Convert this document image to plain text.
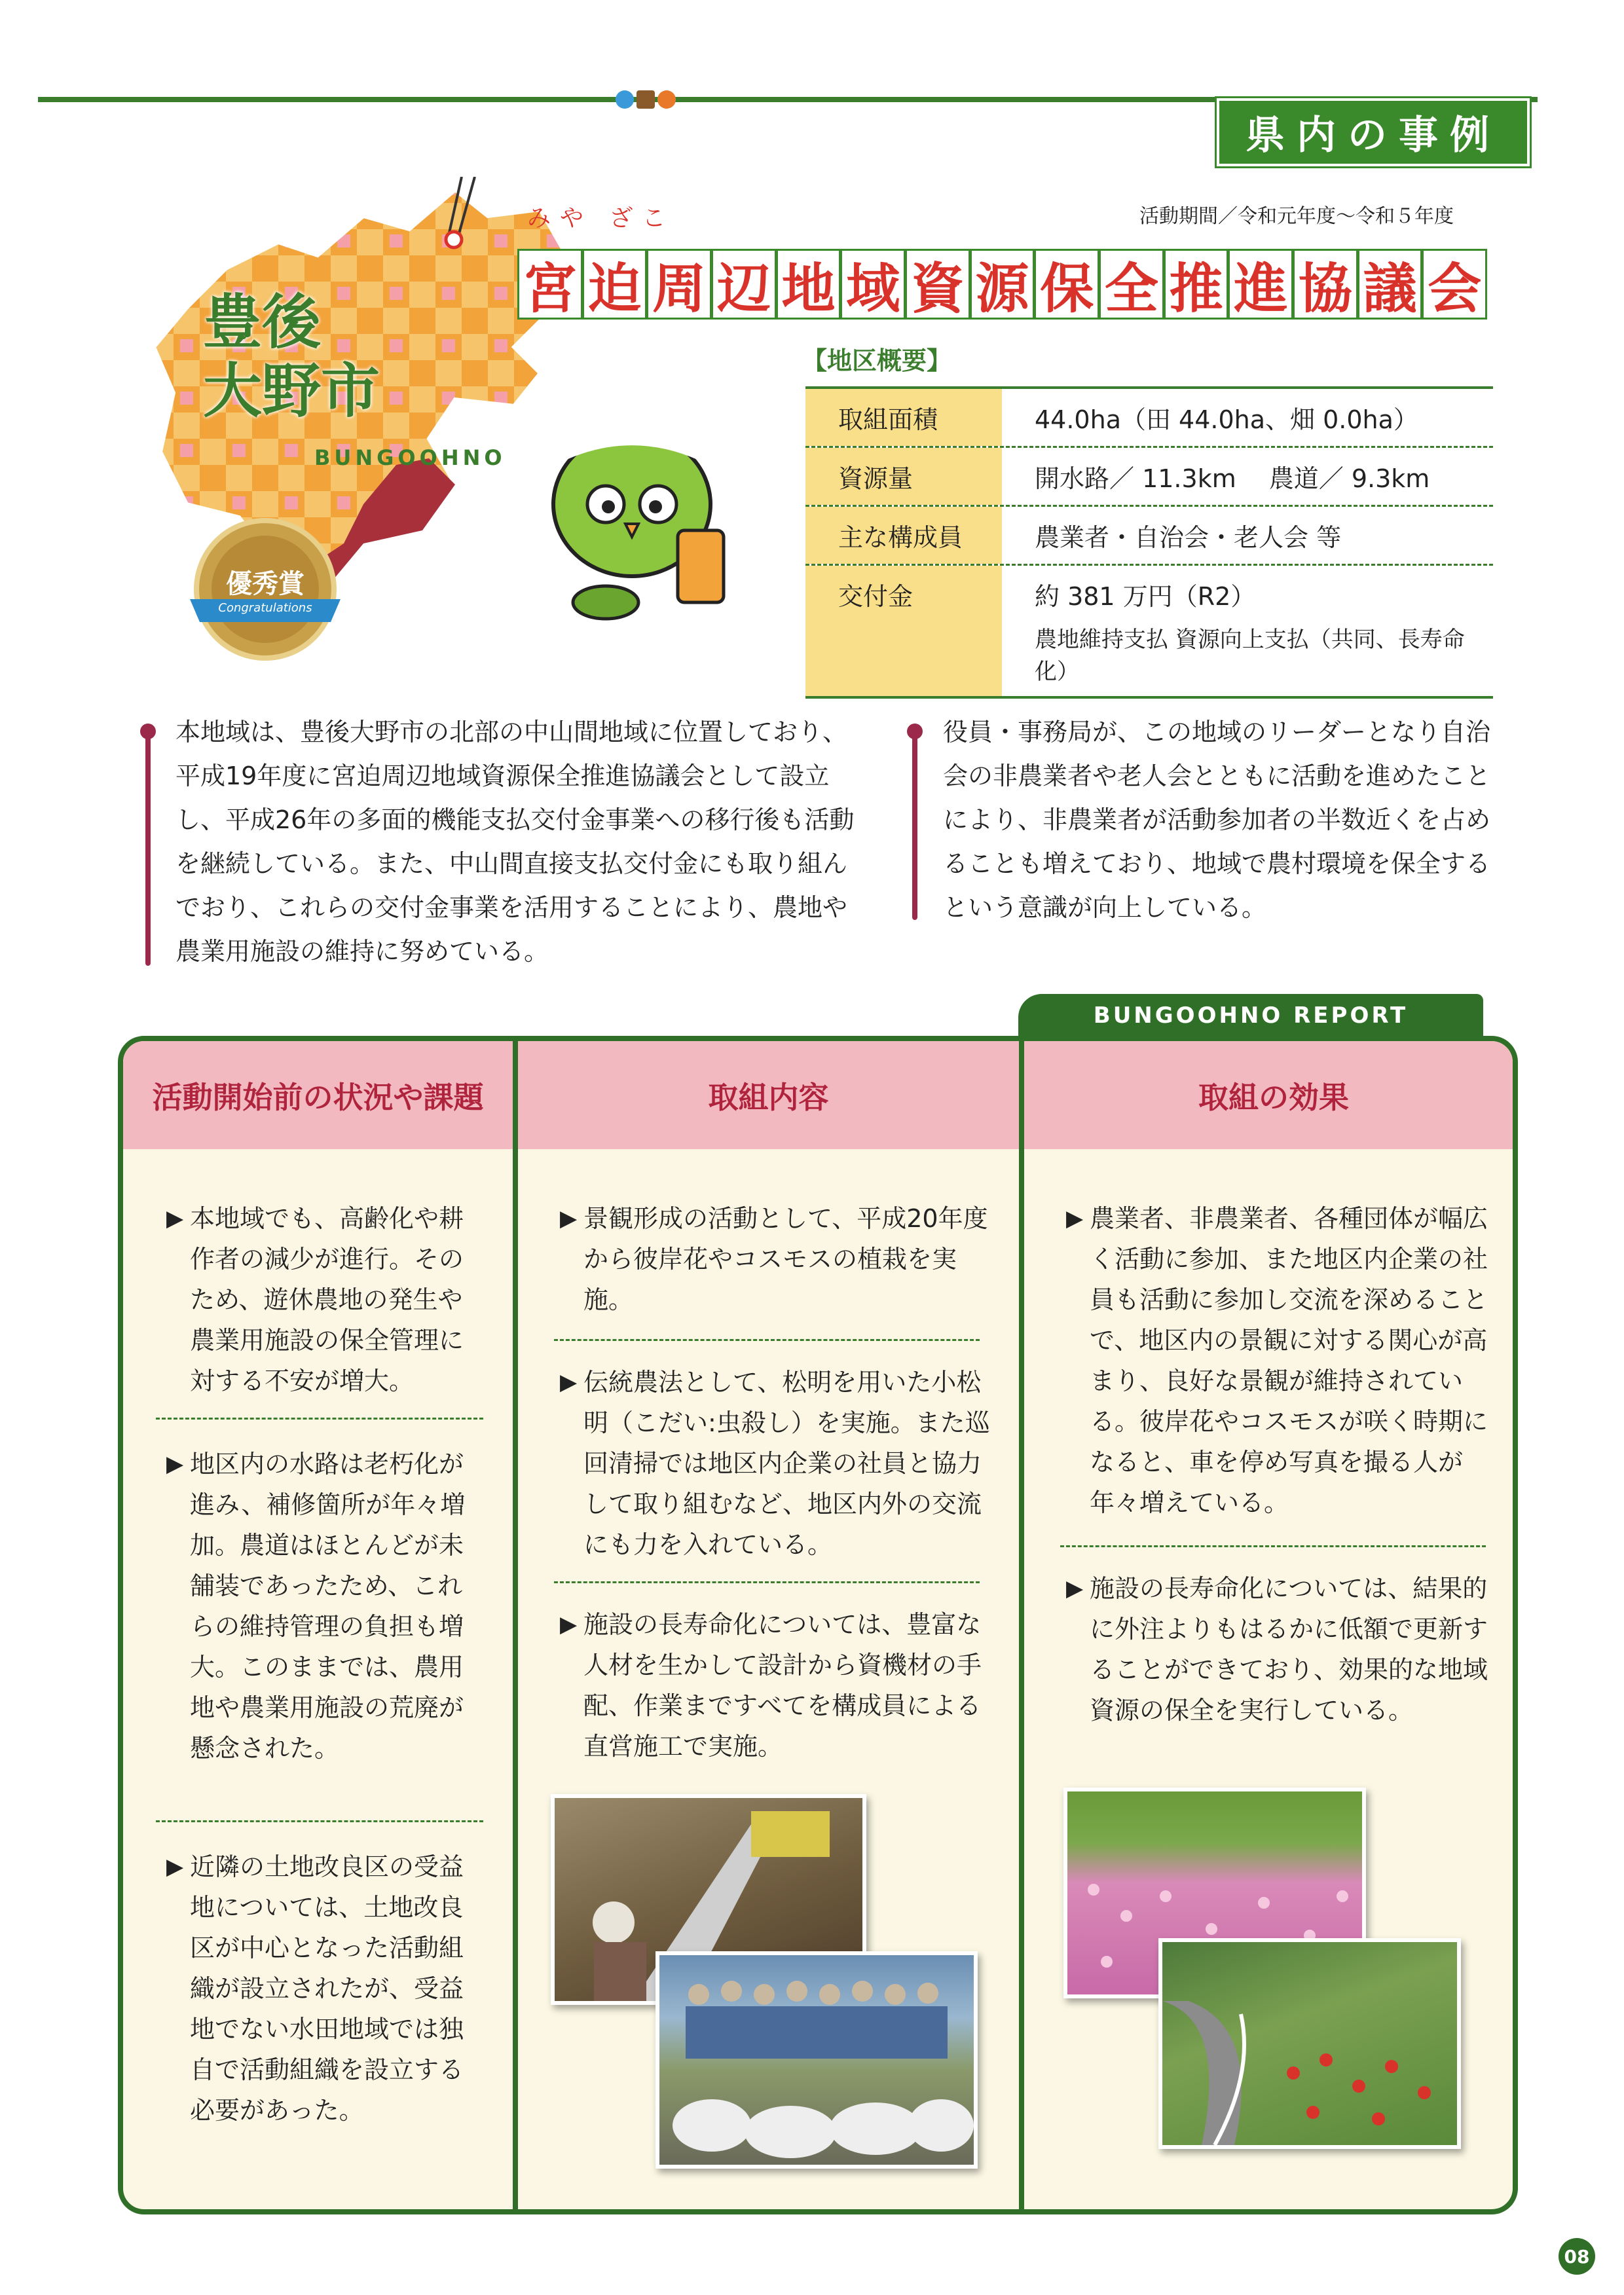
県内の事例
豊後
大野市
BUNGOOHNO
優秀賞
Congratulations
みや ざこ	活動期間／令和元年度〜令和５年度
宮 迫 周 辺 地 域 資 源 保 全 推 進 協 議 会
【地区概要】
取組面積	44.0ha（田 44.0ha、畑 0.0ha）
資源量	開水路／ 11.3km　 農道／ 9.3km
主な構成員	農業者・自治会・老人会 等
交付金	約 381 万円（R2）
農地維持支払 資源向上支払（共同、長寿命化）
本地域は、豊後大野市の北部の中山間地域に位置しており、平成19年度に宮迫周辺地域資源保全推進協議会として設立し、平成26年の多面的機能支払交付金事業への移行後も活動を継続している。また、中山間直接支払交付金にも取り組んでおり、これらの交付金事業を活用することにより、農地や農業用施設の維持に努めている。
役員・事務局が、この地域のリーダーとなり自治会の非農業者や老人会とともに活動を進めたことにより、非農業者が活動参加者の半数近くを占めることも増えており、地域で農村環境を保全するという意識が向上している。
BUNGOOHNO REPORT
活動開始前の状況や課題
▶ 本地域でも、高齢化や耕作者の減少が進行。そのため、遊休農地の発生や農業用施設の保全管理に対する不安が増大。
▶ 地区内の水路は老朽化が進み、補修箇所が年々増加。農道はほとんどが未舗装であったため、これらの維持管理の負担も増大。このままでは、農用地や農業用施設の荒廃が懸念された。
▶ 近隣の土地改良区の受益地については、土地改良区が中心となった活動組織が設立されたが、受益地でない水田地域では独自で活動組織を設立する必要があった。
取組内容
▶ 景観形成の活動として、平成20年度から彼岸花やコスモスの植栽を実施。
▶ 伝統農法として、松明を用いた小松明（こだい:虫殺し）を実施。また巡回清掃では地区内企業の社員と協力して取り組むなど、地区内外の交流にも力を入れている。
▶ 施設の長寿命化については、豊富な人材を生かして設計から資機材の手配、作業まですべてを構成員による直営施工で実施。
取組の効果
▶ 農業者、非農業者、各種団体が幅広く活動に参加、また地区内企業の社員も活動に参加し交流を深めることで、地区内の景観に対する関心が高まり、良好な景観が維持されている。彼岸花やコスモスが咲く時期になると、車を停め写真を撮る人が年々増えている。
▶ 施設の長寿命化については、結果的に外注よりもはるかに低額で更新することができており、効果的な地域資源の保全を実行している。
08
